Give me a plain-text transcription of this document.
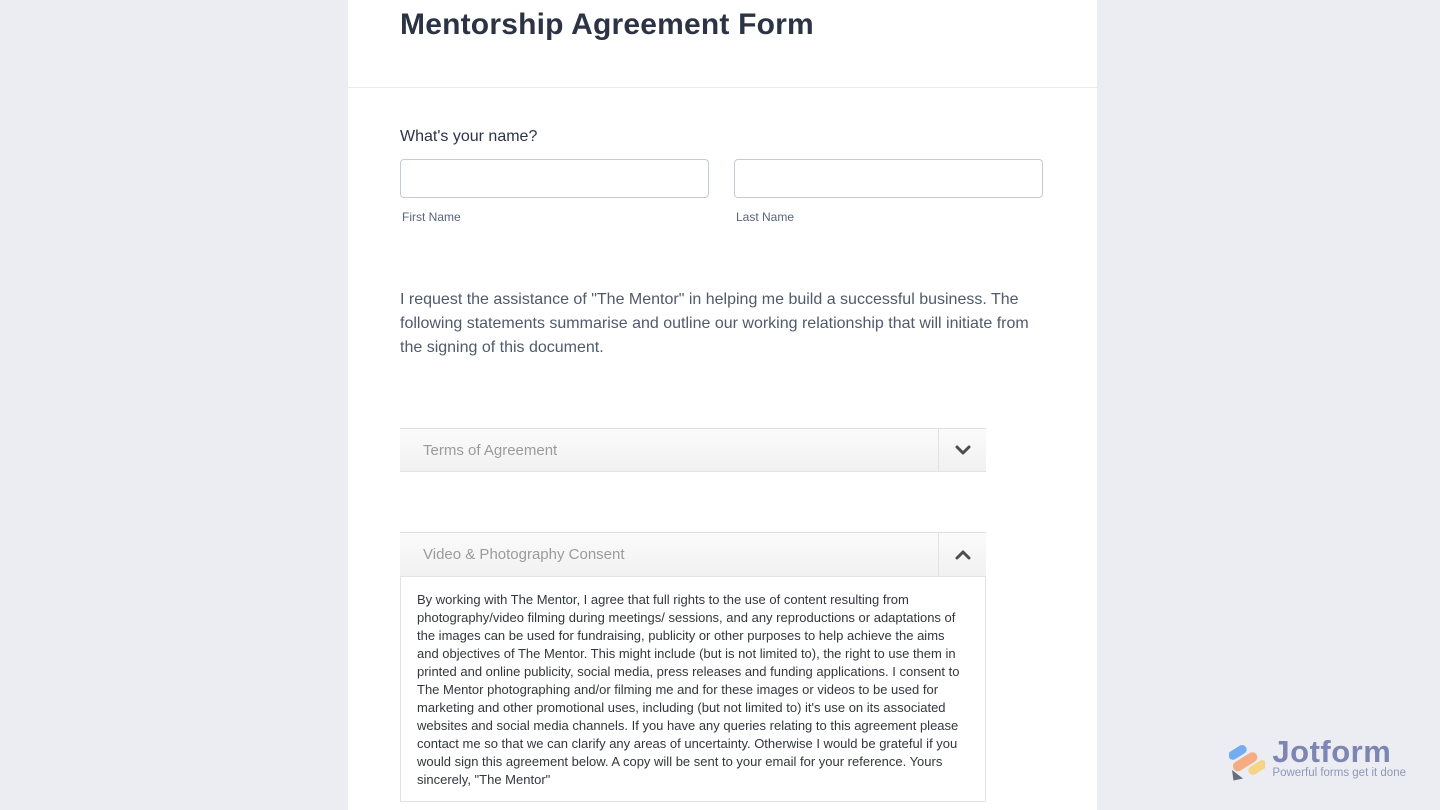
Mentorship Agreement Form
What's your name?
First Name	Last Name

I request the assistance of "The Mentor" in helping me build a successful business. The following statements summarise and outline our working relationship that will initiate from the signing of this document.

Terms of Agreement
Video & Photography Consent

By working with The Mentor, I agree that full rights to the use of content resulting from photography/video filming during meetings/ sessions, and any reproductions or adaptations of the images can be used for fundraising, publicity or other purposes to help achieve the aims and objectives of The Mentor. This might include (but is not limited to), the right to use them in printed and online publicity, social media, press releases and funding applications. I consent to The Mentor photographing and/or filming me and for these images or videos to be used for marketing and other promotional uses, including (but not limited to) it's use on its associated websites and social media channels. If you have any queries relating to this agreement please contact me so that we can clarify any areas of uncertainty. Otherwise I would be grateful if you would sign this agreement below. A copy will be sent to your email for your reference. Yours sincerely, "The Mentor"

Jotform
Powerful forms get it done
